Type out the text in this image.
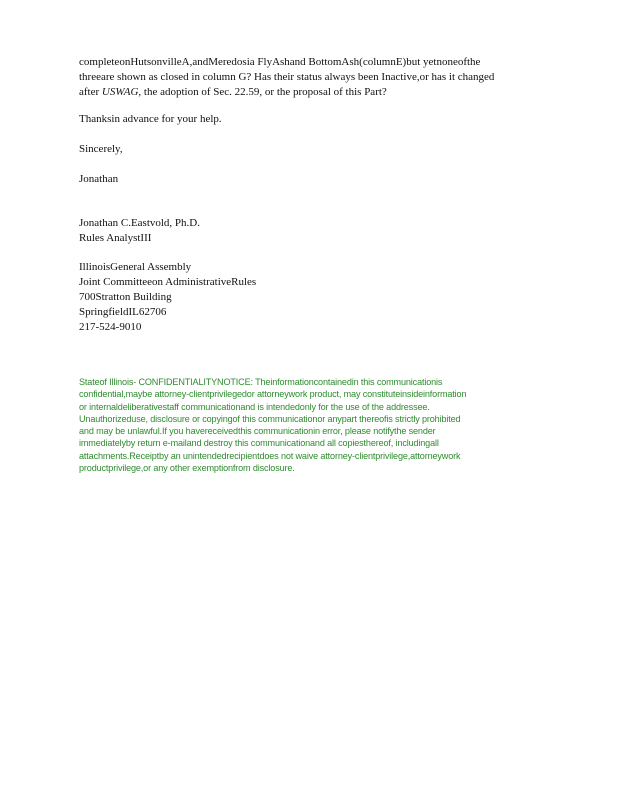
completeonHutsonvilleA,andMeredosia FlyAshand BottomAsh(columnE)but yetnoneofthe
threeare shown as closed in column G? Has their status always been Inactive,or has it changed
after USWAG, the adoption of Sec. 22.59, or the proposal of this Part?

Thanksin advance for your help.

Sincerely,

Jonathan

Jonathan C.Eastvold, Ph.D.
Rules AnalystIII

IllinoisGeneral Assembly
Joint Committeeon AdministrativeRules
700Stratton Building
SpringfieldIL62706
217-524-9010

Stateof Illinois- CONFIDENTIALITYNOTICE: Theinformationcontainedin this communicationis
confidential,maybe attorney-clientprivilegedor attorneywork product, may constituteinsideinformation
or internaldeliberativestaff communicationand is intendedonly for the use of the addressee.
Unauthorizeduse, disclosure or copyingof this communicationor anypart thereofis strictly prohibited
and may be unlawful.If you havereceivedthis communicationin error, please notifythe sender
immediatelyby return e-mailand destroy this communicationand all copiesthereof, includingall
attachments.Receiptby an unintendedrecipientdoes not waive attorney-clientprivilege,attorneywork
productprivilege,or any other exemptionfrom disclosure.
